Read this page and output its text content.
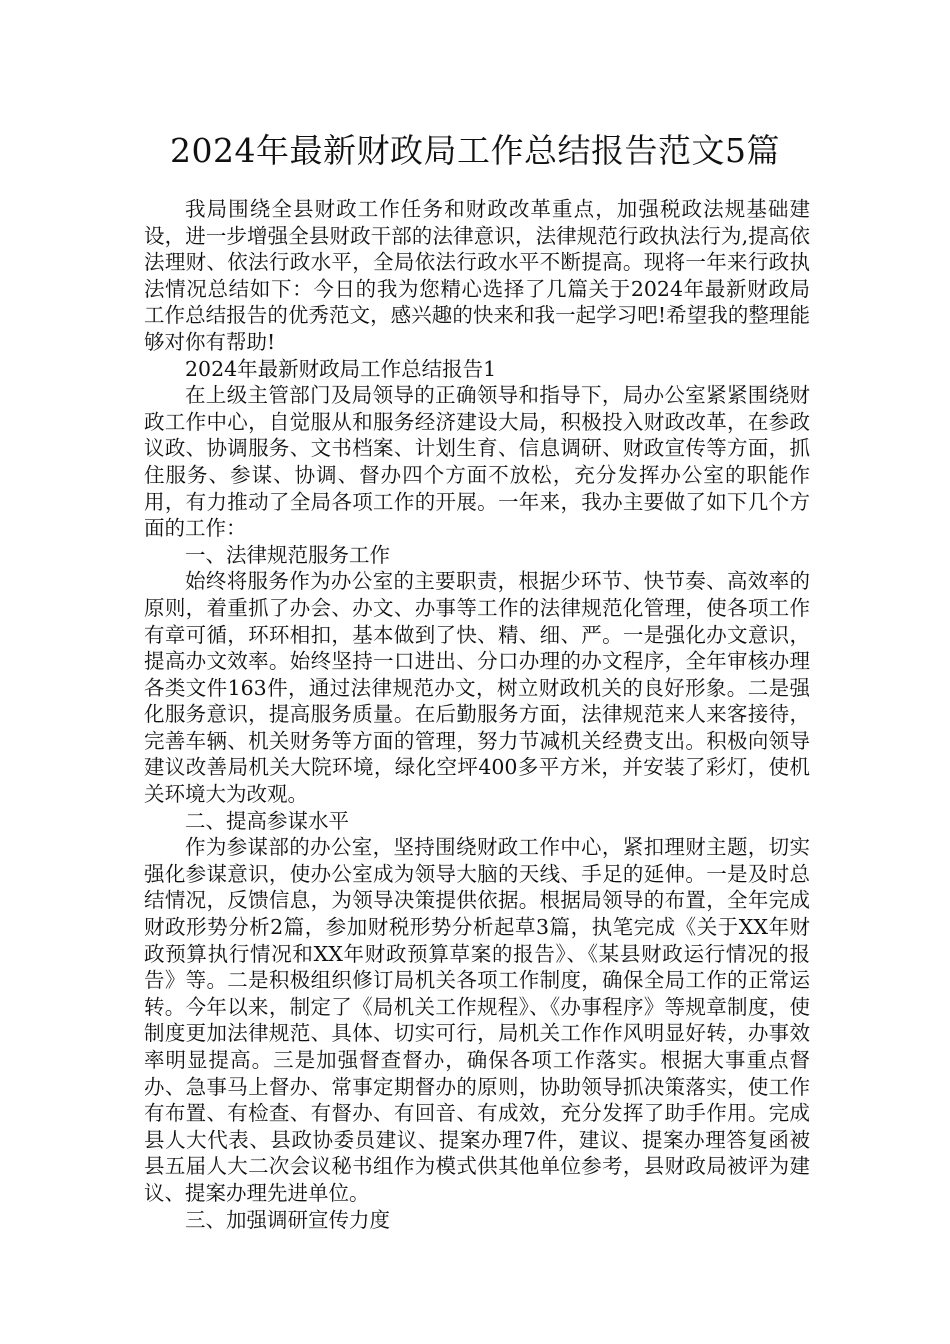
2024年最新财政局工作总结报告范文5篇

我局围绕全县财政工作任务和财政改革重点，加强税政法规基础建设，进一步增强全县财政干部的法律意识，法律规范行政执法行为,提高依法理财、依法行政水平，全局依法行政水平不断提高。现将一年来行政执法情况总结如下：今日的我为您精心选择了几篇关于2024年最新财政局工作总结报告的优秀范文，感兴趣的快来和我一起学习吧!希望我的整理能够对你有帮助!

2024年最新财政局工作总结报告1

在上级主管部门及局领导的正确领导和指导下，局办公室紧紧围绕财政工作中心，自觉服从和服务经济建设大局，积极投入财政改革，在参政议政、协调服务、文书档案、计划生育、信息调研、财政宣传等方面，抓住服务、参谋、协调、督办四个方面不放松，充分发挥办公室的职能作用，有力推动了全局各项工作的开展。一年来，我办主要做了如下几个方面的工作：

一、法律规范服务工作

始终将服务作为办公室的主要职责，根据少环节、快节奏、高效率的原则，着重抓了办会、办文、办事等工作的法律规范化管理，使各项工作有章可循，环环相扣，基本做到了快、精、细、严。一是强化办文意识，提高办文效率。始终坚持一口进出、分口办理的办文程序，全年审核办理各类文件163件，通过法律规范办文，树立财政机关的良好形象。二是强化服务意识，提高服务质量。在后勤服务方面，法律规范来人来客接待，完善车辆、机关财务等方面的管理，努力节减机关经费支出。积极向领导建议改善局机关大院环境，绿化空坪400多平方米，并安装了彩灯，使机关环境大为改观。

二、提高参谋水平

作为参谋部的办公室，坚持围绕财政工作中心，紧扣理财主题，切实强化参谋意识，使办公室成为领导大脑的天线、手足的延伸。一是及时总结情况，反馈信息，为领导决策提供依据。根据局领导的布置，全年完成财政形势分析2篇，参加财税形势分析起草3篇，执笔完成《关于XX年财政预算执行情况和XX年财政预算草案的报告》、《某县财政运行情况的报告》等。二是积极组织修订局机关各项工作制度，确保全局工作的正常运转。今年以来，制定了《局机关工作规程》、《办事程序》等规章制度，使制度更加法律规范、具体、切实可行，局机关工作作风明显好转，办事效率明显提高。三是加强督查督办，确保各项工作落实。根据大事重点督办、急事马上督办、常事定期督办的原则，协助领导抓决策落实，使工作有布置、有检查、有督办、有回音、有成效，充分发挥了助手作用。完成县人大代表、县政协委员建议、提案办理7件，建议、提案办理答复函被县五届人大二次会议秘书组作为模式供其他单位参考，县财政局被评为建议、提案办理先进单位。

三、加强调研宣传力度
